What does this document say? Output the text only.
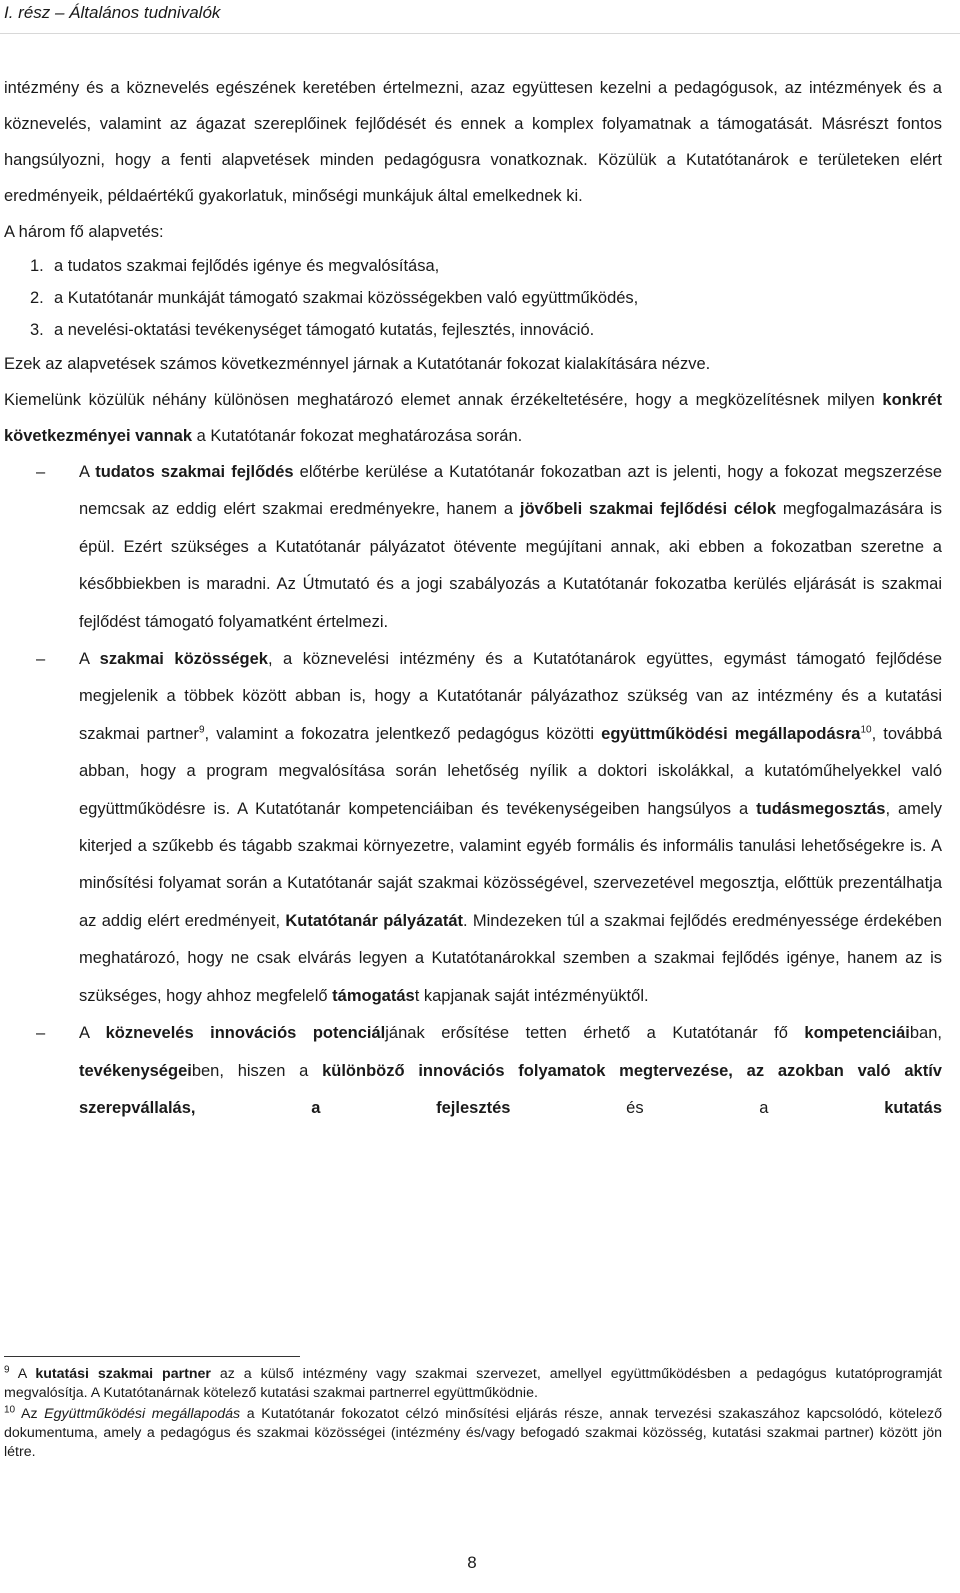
I. rész – Általános tudnivalók

intézmény és a köznevelés egészének keretében értelmezni, azaz együttesen kezelni a pedagógusok, az intézmények és a köznevelés, valamint az ágazat szereplőinek fejlődését és ennek a komplex folyamatnak a támogatását. Másrészt fontos hangsúlyozni, hogy a fenti alapvetések minden pedagógusra vonatkoznak. Közülük a Kutatótanárok e területeken elért eredményeik, példaértékű gyakorlatuk, minőségi munkájuk által emelkednek ki.

A három fő alapvetés:

1. a tudatos szakmai fejlődés igénye és megvalósítása,
2. a Kutatótanár munkáját támogató szakmai közösségekben való együttműködés,
3. a nevelési-oktatási tevékenységet támogató kutatás, fejlesztés, innováció.

Ezek az alapvetések számos következménnyel járnak a Kutatótanár fokozat kialakítására nézve.

Kiemelünk közülük néhány különösen meghatározó elemet annak érzékeltetésére, hogy a megközelítésnek milyen konkrét következményei vannak a Kutatótanár fokozat meghatározása során.

– A tudatos szakmai fejlődés előtérbe kerülése a Kutatótanár fokozatban azt is jelenti, hogy a fokozat megszerzése nemcsak az eddig elért szakmai eredményekre, hanem a jövőbeli szakmai fejlődési célok megfogalmazására is épül. Ezért szükséges a Kutatótanár pályázatot ötévente megújítani annak, aki ebben a fokozatban szeretne a későbbiekben is maradni. Az Útmutató és a jogi szabályozás a Kutatótanár fokozatba kerülés eljárását is szakmai fejlődést támogató folyamatként értelmezi.

– A szakmai közösségek, a köznevelési intézmény és a Kutatótanárok együttes, egymást támogató fejlődése megjelenik a többek között abban is, hogy a Kutatótanár pályázathoz szükség van az intézmény és a kutatási szakmai partner$^9$, valamint a fokozatra jelentkező pedagógus közötti együttműködési megállapodásra$^{10}$, továbbá abban, hogy a program megvalósítása során lehetőség nyílik a doktori iskolákkal, a kutatóműhelyekkel való együttműködésre is. A Kutatótanár kompetenciáiban és tevékenységeiben hangsúlyos a tudásmegosztás, amely kiterjed a szűkebb és tágabb szakmai környezetre, valamint egyéb formális és informális tanulási lehetőségekre is. A minősítési folyamat során a Kutatótanár saját szakmai közösségével, szervezetével megosztja, előttük prezentálhatja az addig elért eredményeit, Kutatótanár pályázatát. Mindezeken túl a szakmai fejlődés eredményessége érdekében meghatározó, hogy ne csak elvárás legyen a Kutatótanárokkal szemben a szakmai fejlődés igénye, hanem az is szükséges, hogy ahhoz megfelelő támogatást kapjanak saját intézményüktől.

– A köznevelés innovációs potenciáljának erősítése tetten érhető a Kutatótanár fő kompetenciáiban, tevékenységeiben, hiszen a különböző innovációs folyamatok megtervezése, az azokban való aktív szerepvállalás, a fejlesztés és a kutatás

$^9$ A kutatási szakmai partner az a külső intézmény vagy szakmai szervezet, amellyel együttműködésben a pedagógus kutatóprogramját megvalósítja. A Kutatótanárnak kötelező kutatási szakmai partnerrel együttműködnie.

$^{10}$ Az Együttműködési megállapodás a Kutatótanár fokozatot célzó minősítési eljárás része, annak tervezési szakaszához kapcsolódó, kötelező dokumentuma, amely a pedagógus és szakmai közösségei (intézmény és/vagy befogadó szakmai közösség, kutatási szakmai partner) között jön létre.

8
